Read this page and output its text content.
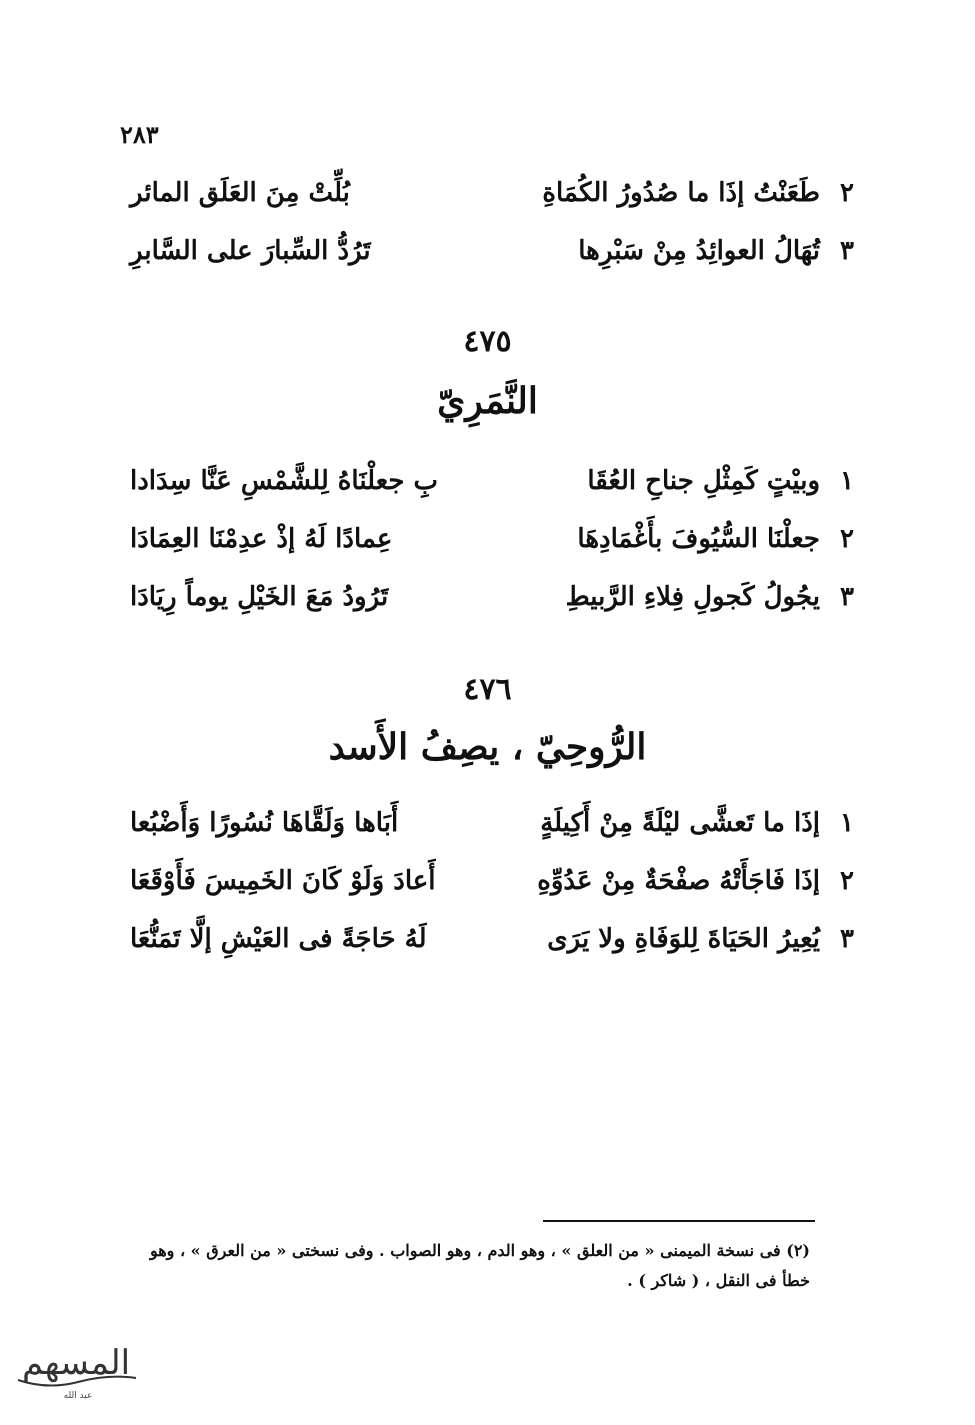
٢٨٣
٢
طَعَنْتُ إذَا ما صُدُورُ الكُمَاةِ
بُلِّتْ مِنَ العَلَق المائر
٣
تُهَالُ العوائِدُ مِنْ سَبْرِها
تَرُدُّ السِّبارَ على السَّابرِ
٤٧٥
النَّمَرِيّ
١
وبيْتٍ كَمِثْلِ جناحِ العُقَا
بِ جعلْنَاهُ لِلشَّمْسِ عَنَّا سِدَادا
٢
جعلْنَا السُّيُوفَ بأَغْمَادِهَا
عِمادًا لَهُ إذْ عدِمْنَا العِمَادَا
٣
يجُولُ كَجولِ فِلاءِ الرَّبيطِ
تَرُودُ مَعَ الخَيْلِ يوماً رِيَادَا
٤٧٦
الرُّوحِيّ ، يصِفُ الأَسد
١
إذَا ما تَعشَّى ليْلَةً مِنْ أَكِيلَةٍ
أَبَاها وَلَقَّاهَا نُسُورًا وَأَضْبُعا
٢
إذَا فَاجَأَتْهُ صفْحَةٌ مِنْ عَدُوِّهِ
أَعادَ وَلَوْ كَانَ الخَمِيسَ فَأَوْقَعَا
٣
يُعِيرُ الحَيَاةَ لِلوَفَاةِ ولا يَرَى
لَهُ حَاجَةً فى العَيْشِ إلَّا تَمَنُّعَا
(٢) فى نسخة الميمنى « من العلق » ، وهو الدم ، وهو الصواب . وفى نسختى « من العرق » ، وهو
خطأ فى النقل ، ( شاكر ) .
المسهم
عبد الله
